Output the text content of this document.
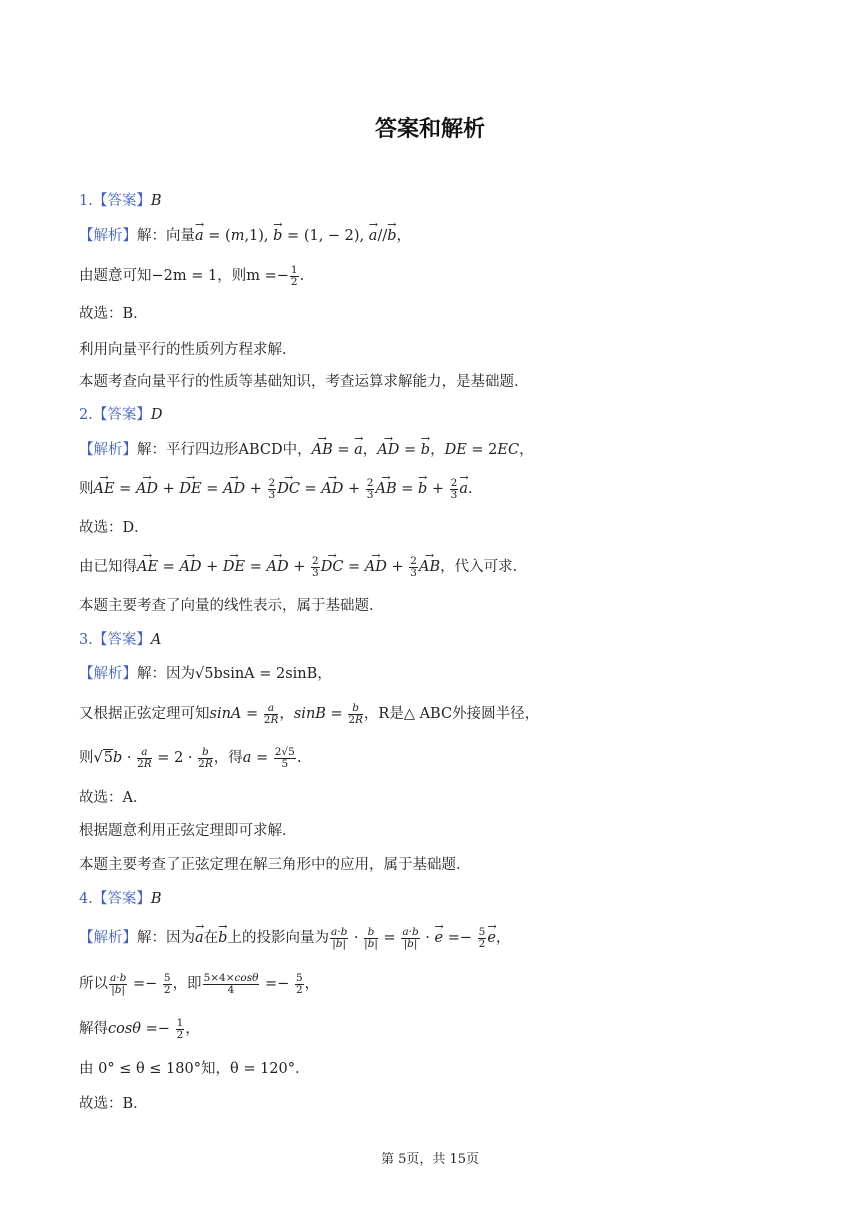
答案和解析
1.【答案】B
【解析】解：向量→ a = (m,1), → b = (1, − 2), → a//→ b，
由题意可知−2m = 1，则$m =- \frac{1}{2}$ .
故选：B．
利用向量平行的性质列方程求解．
本题考查向量平行的性质等基础知识，考查运算求解能力，是基础题．
2.【答案】D
【解析】解：平行四边形ABCD中，→ AB = → a，→ AD = → b，DE = 2EC，
则→ AE = → AD + → DE = → AD + $\frac{2}{3}$
→ DC = → AD + $\frac{2}{3}$
→ AB = → $b + \frac{2}{3}$
→ a.
故选：D．
由已知得→ AE = → AD + → DE = → AD + $\frac{2}{3}$
→ DC = → AD + $\frac{2}{3}$
→ AB，代入可求．
本题主要考查了向量的线性表示，属于基础题．
3.【答案】A
【解析】解：因为√5bsinA = 2sinB，
又根据正弦定理可知$\sin A = \frac{a}{2R}$ ，$\sin B = \frac{b}{2R}$ ，R是△ ABC外接圆半径，
则$√5b \cdot \frac{a}{2R} = 2 \cdot \frac{b}{2R}$ ，得$a = \frac{2√5}{5}$ .
故选：A．
根据题意利用正弦定理即可求解．
本题主要考查了正弦定理在解三角形中的应用，属于基础题．
4.【答案】B
【解析】解：因为→ a在→ b上的投影向量为 $\frac{a\cdot b}{|b|} \cdot \frac{b}{|b|} = \frac{a\cdot b}{|b|}$ · → $e =- \frac{5}{2}$
→ e，
所以 $\frac{a\cdot b}{|b|} =- \frac{5}{2}$ ，即 $\frac{5\times 4\times\cos\theta}{4} =- \frac{5}{2}$ ，
解得$\cos\theta =- \frac{1}{2}$ ，
由 0° ≤ θ ≤ 180°知，θ = 120°．
故选：B．
第 5页，共 15页
